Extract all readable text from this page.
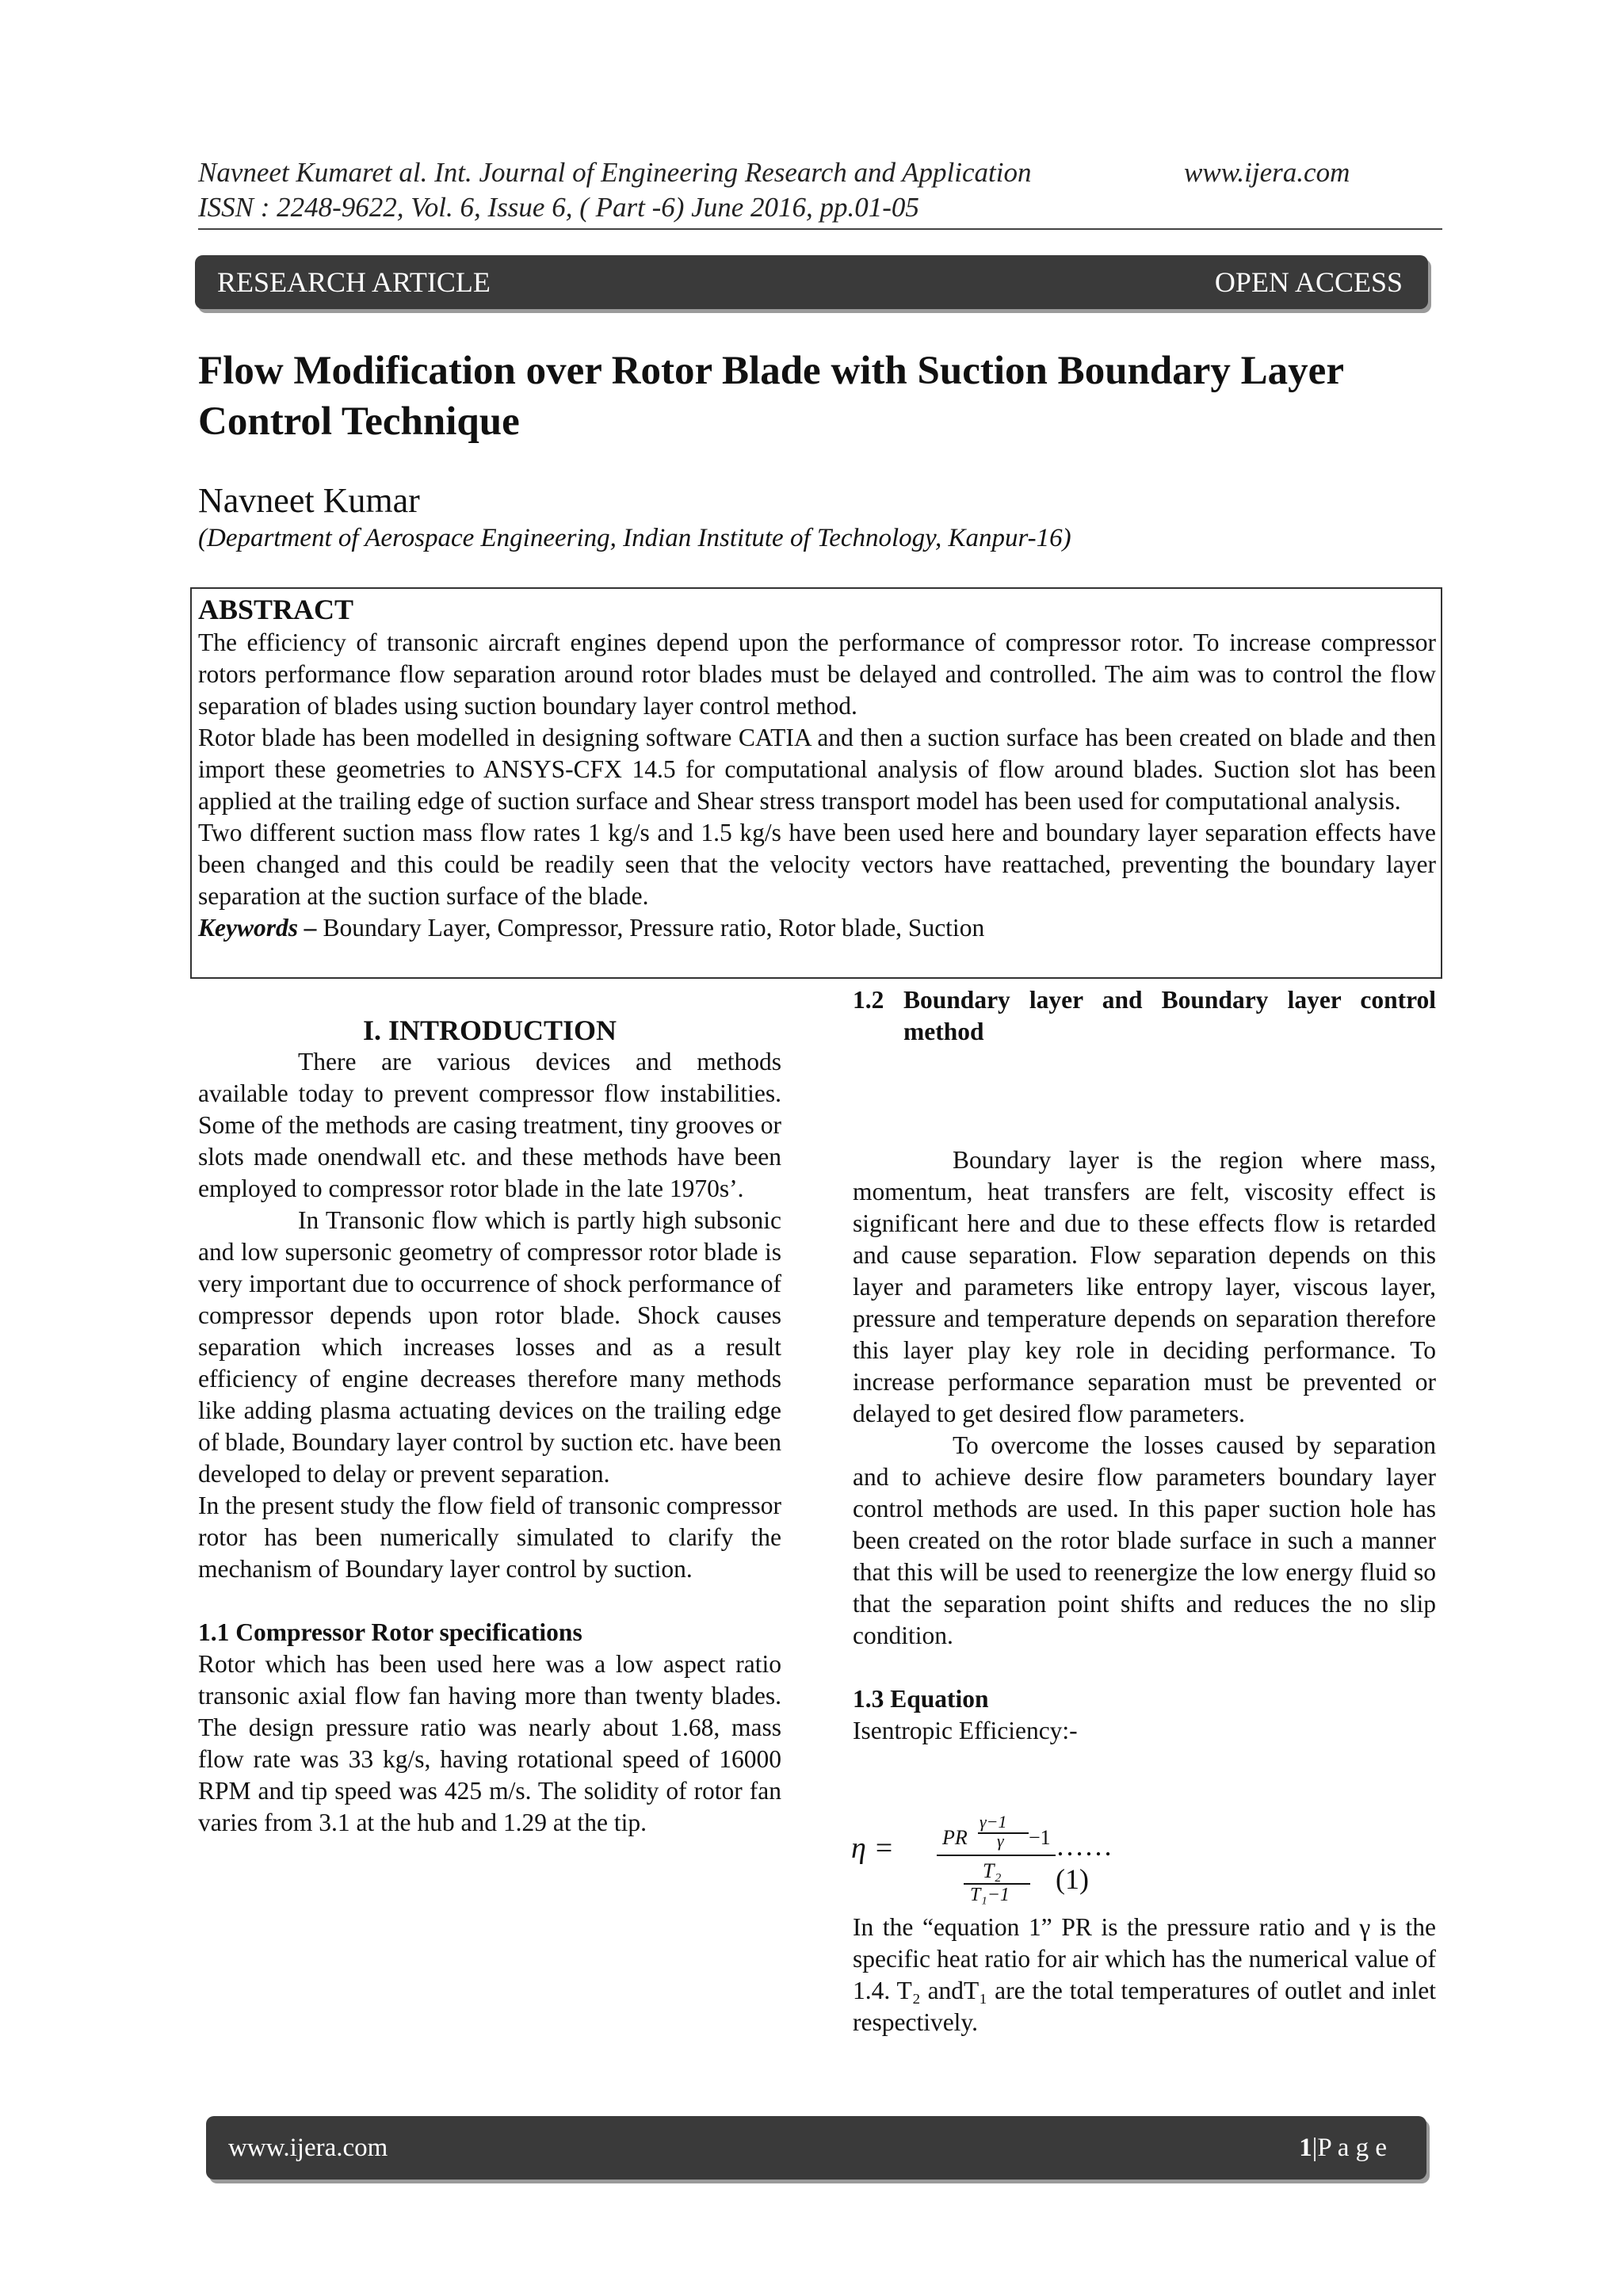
Navneet Kumaret al. Int. Journal of Engineering Research and Application	www.ijera.com
ISSN : 2248-9622, Vol. 6, Issue 6, ( Part -6) June 2016, pp.01-05
RESEARCH ARTICLE	OPEN ACCESS
Flow Modification over Rotor Blade with Suction Boundary Layer Control Technique
Navneet Kumar
(Department of Aerospace Engineering, Indian Institute of Technology, Kanpur-16)
ABSTRACT

The efficiency of transonic aircraft engines depend upon the performance of compressor rotor. To increase compressor rotors performance flow separation around rotor blades must be delayed and controlled. The aim was to control the flow separation of blades using suction boundary layer control method.

Rotor blade has been modelled in designing software CATIA and then a suction surface has been created on blade and then import these geometries to ANSYS-CFX 14.5 for computational analysis of flow around blades. Suction slot has been applied at the trailing edge of suction surface and Shear stress transport model has been used for computational analysis.

Two different suction mass flow rates 1 kg/s and 1.5 kg/s have been used here and boundary layer separation effects have been changed and this could be readily seen that the velocity vectors have reattached, preventing the boundary layer separation at the suction surface of the blade.

Keywords – Boundary Layer, Compressor, Pressure ratio, Rotor blade, Suction

I. INTRODUCTION

There are various devices and methods available today to prevent compressor flow instabilities. Some of the methods are casing treatment, tiny grooves or slots made onendwall etc. and these methods have been employed to compressor rotor blade in the late 1970s’.

In Transonic flow which is partly high subsonic and low supersonic geometry of compressor rotor blade is very important due to occurrence of shock performance of compressor depends upon rotor blade. Shock causes separation which increases losses and as a result efficiency of engine decreases therefore many methods like adding plasma actuating devices on the trailing edge of blade, Boundary layer control by suction etc. have been developed to delay or prevent separation.

In the present study the flow field of transonic compressor rotor has been numerically simulated to clarify the mechanism of Boundary layer control by suction.

1.1 Compressor Rotor specifications

Rotor which has been used here was a low aspect ratio transonic axial flow fan having more than twenty blades. The design pressure ratio was nearly about 1.68, mass flow rate was 33 kg/s, having rotational speed of 16000 RPM and tip speed was 425 m/s. The solidity of rotor fan varies from 3.1 at the hub and 1.29 at the tip.

1.2 Boundary layer and Boundary layer control method

Boundary layer is the region where mass, momentum, heat transfers are felt, viscosity effect is significant here and due to these effects flow is retarded and cause separation. Flow separation depends on this layer and parameters like entropy layer, viscous layer, pressure and temperature depends on separation therefore this layer play key role in deciding performance. To increase performance separation must be prevented or delayed to get desired flow parameters.

To overcome the losses caused by separation and to achieve desire flow parameters boundary layer control methods are used. In this paper suction hole has been created on the rotor blade surface in such a manner that this will be used to reenergize the low energy fluid so that the separation point shifts and reduces the no slip condition.

1.3 Equation
Isentropic Efficiency:-
η =
γ−1
PR γ −1
T₂
T₁−1
……(1)

In the “equation 1” PR is the pressure ratio and γ is the specific heat ratio for air which has the numerical value of 1.4. T₂ andT₁ are the total temperatures of outlet and inlet respectively.

www.ijera.com	1|P a g e
